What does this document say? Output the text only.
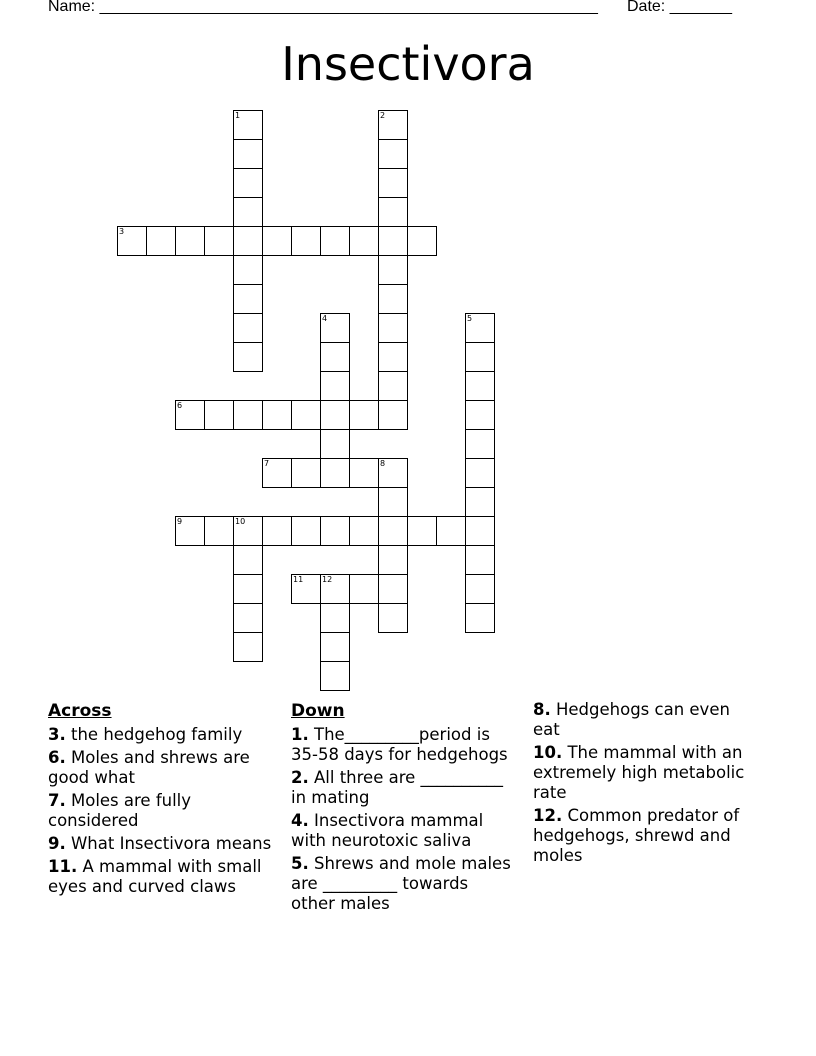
Name: ________________________________________________________ Date: _______
Insectivora
1	2
3
4	5
6
7	8
9	10
11 12
Across
3. the hedgehog family
6. Moles and shrews are good what
7. Moles are fully considered
9. What Insectivora means
11. A mammal with small eyes and curved claws
Down
1. The_________period is 35-58 days for hedgehogs
2. All three are __________ in mating
4. Insectivora mammal with neurotoxic saliva
5. Shrews and mole males are _________ towards other males
8. Hedgehogs can even eat
10. The mammal with an extremely high metabolic rate
12. Common predator of hedgehogs, shrewd and moles
